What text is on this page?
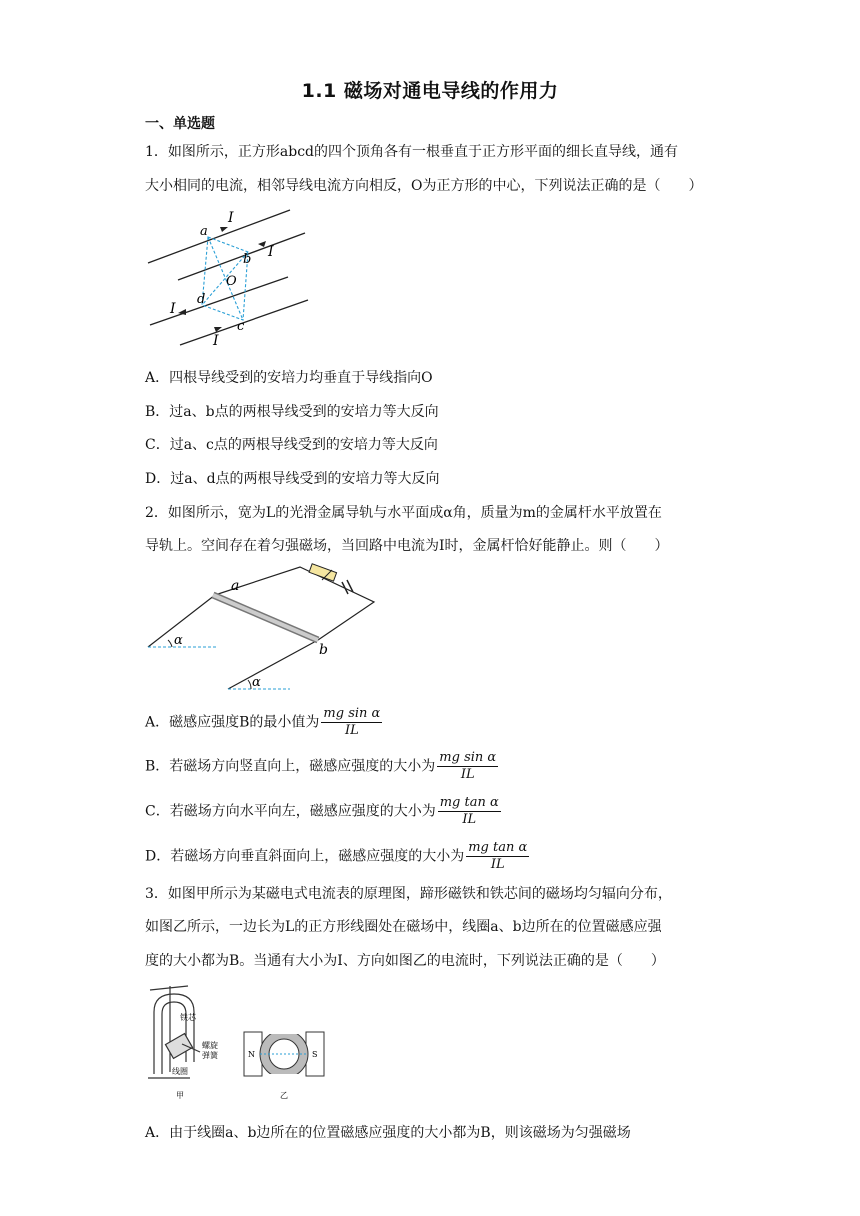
1.1 磁场对通电导线的作用力
一、单选题
1．如图所示，正方形abcd的四个顶角各有一根垂直于正方形平面的细长直导线，通有
大小相同的电流，相邻导线电流方向相反，O为正方形的中心，下列说法正确的是（　　）
I
a
b I
O
d
I
c
I
A．四根导线受到的安培力均垂直于导线指向O
B．过a、b点的两根导线受到的安培力等大反向
C．过a、c点的两根导线受到的安培力等大反向
D．过a、d点的两根导线受到的安培力等大反向
2．如图所示，宽为L的光滑金属导轨与水平面成α角，质量为m的金属杆水平放置在
导轨上。空间存在着匀强磁场，当回路中电流为I时，金属杆恰好能静止。则（　　）
a
b
α
α
A．磁感应强度B的最小值为 $\frac{\text{mg sin α}}{IL}$
B．若磁场方向竖直向上，磁感应强度的大小为 $\frac{\text{mg sin α}}{IL}$
C．若磁场方向水平向左，磁感应强度的大小为 $\frac{\text{mg tan α}}{IL}$
D．若磁场方向垂直斜面向上，磁感应强度的大小为 $\frac{\text{mg tan α}}{IL}$
3．如图甲所示为某磁电式电流表的原理图，蹄形磁铁和铁芯间的磁场均匀辐向分布，
如图乙所示，一边长为L的正方形线圈处在磁场中，线圈a、b边所在的位置磁感应强
度的大小都为B。当通有大小为I、方向如图乙的电流时，下列说法正确的是（　　）
铁芯
螺旋
弹簧
线圈
甲
N	S
乙
A．由于线圈a、b边所在的位置磁感应强度的大小都为B，则该磁场为匀强磁场
